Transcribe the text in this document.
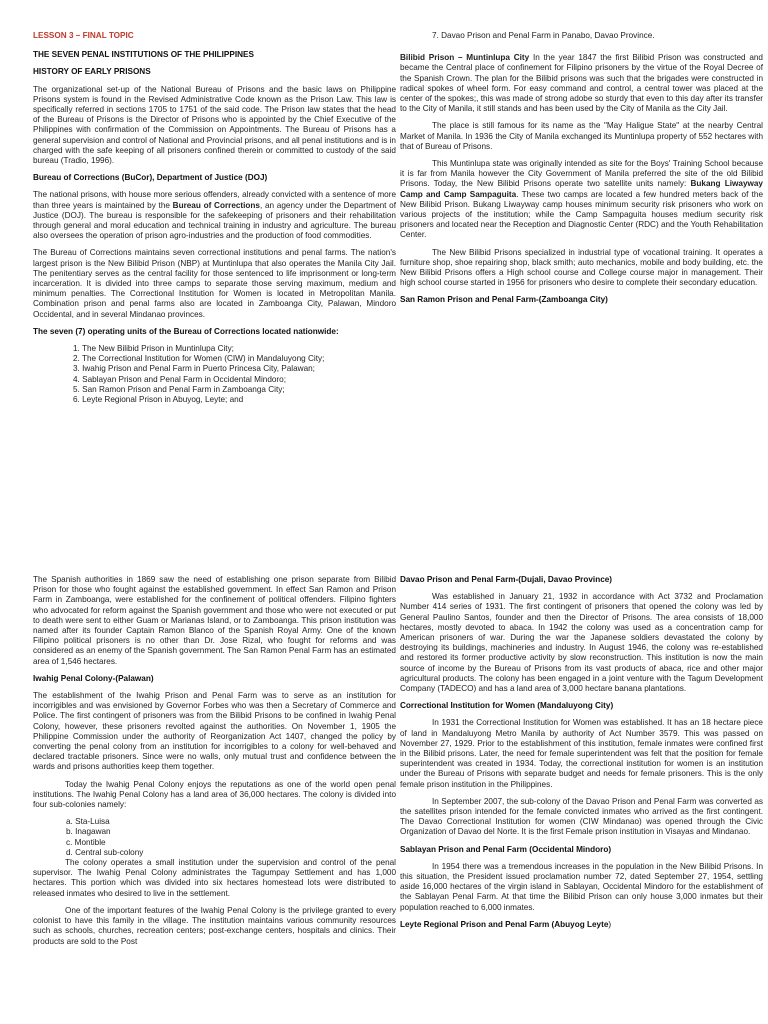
LESSON 3 – FINAL TOPIC
THE SEVEN PENAL INSTITUTIONS OF THE PHILIPPINES
HISTORY OF EARLY PRISONS

The organizational set-up of the National Bureau of Prisons and the basic laws on Philippine Prisons system is found in the Revised Administrative Code known as the Prison Law. This law is specifically referred in sections 1705 to 1751 of the said code. The Prison law states that the head of the Bureau of Prisons is the Director of Prisons who is appointed by the Chief Executive of the Philippines with confirmation of the Commission on Appointments. The Bureau of Prisons has a general supervision and control of National and Provincial prisons, and all penal institutions and is in charged with the safe keeping of all prisoners confined therein or committed to custody of the said bureau (Tradio, 1996).

Bureau of Corrections (BuCor), Department of Justice (DOJ)

The national prisons, with house more serious offenders, already convicted with a sentence of more than three years is maintained by the Bureau of Corrections, an agency under the Department of Justice (DOJ). The bureau is responsible for the safekeeping of prisoners and their rehabilitation through general and moral education and technical training in industry and agriculture. The bureau also oversees the operation of prison agro-industries and the production of food commodities.

The Bureau of Corrections maintains seven correctional institutions and penal farms. The nation's largest prison is the New Bilibid Prison (NBP) at Muntinlupa that also operates the Manila City Jail. The penitentiary serves as the central facility for those sentenced to life imprisonment or long-term incarceration. It is divided into three camps to separate those serving maximum, medium and minimum penalties. The Correctional Institution for Women is located in Metropolitan Manila. Combination prison and penal farms also are located in Zamboanga City, Palawan, Mindoro Occidental, and in several Mindanao provinces.

The seven (7) operating units of the Bureau of Corrections located nationwide:
1. The New Bilibid Prison in Muntinlupa City;
2. The Correctional Institution for Women (CIW) in Mandaluyong City;
3. Iwahig Prison and Penal Farm in Puerto Princesa City, Palawan;
4. Sablayan Prison and Penal Farm in Occidental Mindoro;
5. San Ramon Prison and Penal Farm in Zamboanga City;
6. Leyte Regional Prison in Abuyog, Leyte; and

7. Davao Prison and Penal Farm in Panabo, Davao Province.

Bilibid Prison – Muntinlupa City In the year 1847 the first Bilibid Prison was constructed and became the Central place of confinement for Filipino prisoners by the virtue of the Royal Decree of the Spanish Crown. The plan for the Bilibid prisons was such that the brigades were constructed in radical spokes of wheel form. For easy command and control, a central tower was placed at the center of the spokes;, this was made of strong adobe so sturdy that even to this day after its transfer to the City of Manila, it still stands and has been used by the City of Manila as the City Jail.

The place is still famous for its name as the "May Haligue State" at the nearby Central Market of Manila. In 1936 the City of Manila exchanged its Muntinlupa property of 552 hectares with that of Bureau of Prisons.

This Muntinlupa state was originally intended as site for the Boys' Training School because it is far from Manila however the City Government of Manila preferred the site of the old Bilibid Prisons. Today, the New Bilibid Prisons operate two satellite units namely: Bukang Liwayway Camp and Camp Sampaguita. These two camps are located a few hundred meters back of the New Bilibid Prison. Bukang Liwayway camp houses minimum security risk prisoners who work on various projects of the institution; while the Camp Sampaguita houses medium security risk prisoners and located near the Reception and Diagnostic Center (RDC) and the Youth Rehabilitation Center.

The New Bilibid Prisons specialized in industrial type of vocational training. It operates a furniture shop, shoe repairing shop, black smith; auto mechanics, mobile and body building, etc. the New Bilibid Prisons offers a High school course and College course major in management. Their high school course started in 1956 for prisoners who desire to complete their secondary education.

San Ramon Prison and Penal Farm-(Zamboanga City)

The Spanish authorities in 1869 saw the need of establishing one prison separate from Bilibid Prison for those who fought against the established government. In effect San Ramon and Prison Farm in Zamboanga, were established for the confinement of political offenders. Filipino fighters who advocated for reform against the Spanish government and those who were not executed or put to death were sent to either Guam or Marianas Island, or to Zamboanga. This prison institution was named after its founder Captain Ramon Blanco of the Spanish Royal Army. One of the known Filipino political prisoners is no other than Dr. Jose Rizal, who fought for reforms and was considered as an enemy of the Spanish government. The San Ramon Penal Farm has an estimated area of 1,546 hectares.

Iwahig Penal Colony-(Palawan)

The establishment of the Iwahig Prison and Penal Farm was to serve as an institution for incorrigibles and was envisioned by Governor Forbes who was then a Secretary of Commerce and Police. The first contingent of prisoners was from the Bilibid Prisons to be confined in Iwahig Penal Colony, however, these prisoners revolted against the authorities. On November 1, 1905 the Philippine Commission under the authority of Reorganization Act 1407, changed the policy by converting the penal colony from an institution for incorrigibles to a colony for well-behaved and declared tractable prisoners. Since were no walls, only mutual trust and confidence between the wards and prisons authorities keep them together.

Today the Iwahig Penal Colony enjoys the reputations as one of the world open penal institutions. The Iwahig Penal Colony has a land area of 36,000 hectares. The colony is divided into four sub-colonies namely:

a. Sta-Luisa
b. Inagawan
c. Montible
d. Central sub-colony

The colony operates a small institution under the supervision and control of the penal supervisor. The Iwahig Penal Colony administrates the Tagumpay Settlement and has 1,000 hectares. This portion which was divided into six hectares homestead lots were distributed to released inmates who desired to live in the settlement.

One of the important features of the Iwahig Penal Colony is the privilege granted to every colonist to have this family in the village. The institution maintains various community resources such as schools, churches, recreation centers; post-exchange centers, hospitals and clinics. Their products are sold to the Post

Davao Prison and Penal Farm-(Dujali, Davao Province)

Was established in January 21, 1932 in accordance with Act 3732 and Proclamation Number 414 series of 1931. The first contingent of prisoners that opened the colony was led by General Paulino Santos, founder and then the Director of Prisons. The area consists of 18,000 hectares, mostly devoted to abaca. In 1942 the colony was used as a concentration camp for American prisoners of war. During the war the Japanese soldiers devastated the colony by destroying its buildings, machineries and industry. In August 1946, the colony was re-established and restored its former productive activity by slow reconstruction. This institution is now the main source of income by the Bureau of Prisons from its vast products of abaca, rice and other major agricultural products. The colony has been engaged in a joint venture with the Tagum Development Company (TADECO) and has a land area of 3,000 hectare banana plantations.

Correctional Institution for Women (Mandaluyong City)

In 1931 the Correctional Institution for Women was established. It has an 18 hectare piece of land in Mandaluyong Metro Manila by authority of Act Number 3579. This was passed on November 27, 1929. Prior to the establishment of this institution, female inmates were confined first in the Bilibid prisons. Later, the need for female superintendent was felt that the position for female superintendent was created in 1934. Today, the correctional institution for women is an institution under the Bureau of Prisons with separate budget and needs for female prisoners. This is the only female prison institution in the Philippines.

In September 2007, the sub-colony of the Davao Prison and Penal Farm was converted as the satellites prison intended for the female convicted inmates who arrived as the first contingent. The Davao Correctional Institution for women (CIW Mindanao) was opened through the Civic Organization of Davao del Norte. It is the first Female prison institution in Visayas and Mindanao.

Sablayan Prison and Penal Farm (Occidental Mindoro)

In 1954 there was a tremendous increases in the population in the New Bilibid Prisons. In this situation, the President issued proclamation number 72, dated September 27, 1954, settling aside 16,000 hectares of the virgin island in Sablayan, Occidental Mindoro for the establishment of the Sablayan Penal Farm. At that time the Bilibid Prison can only house 3,000 inmates but their population reached to 6,000 inmates.

Leyte Regional Prison and Penal Farm (Abuyog Leyte)
